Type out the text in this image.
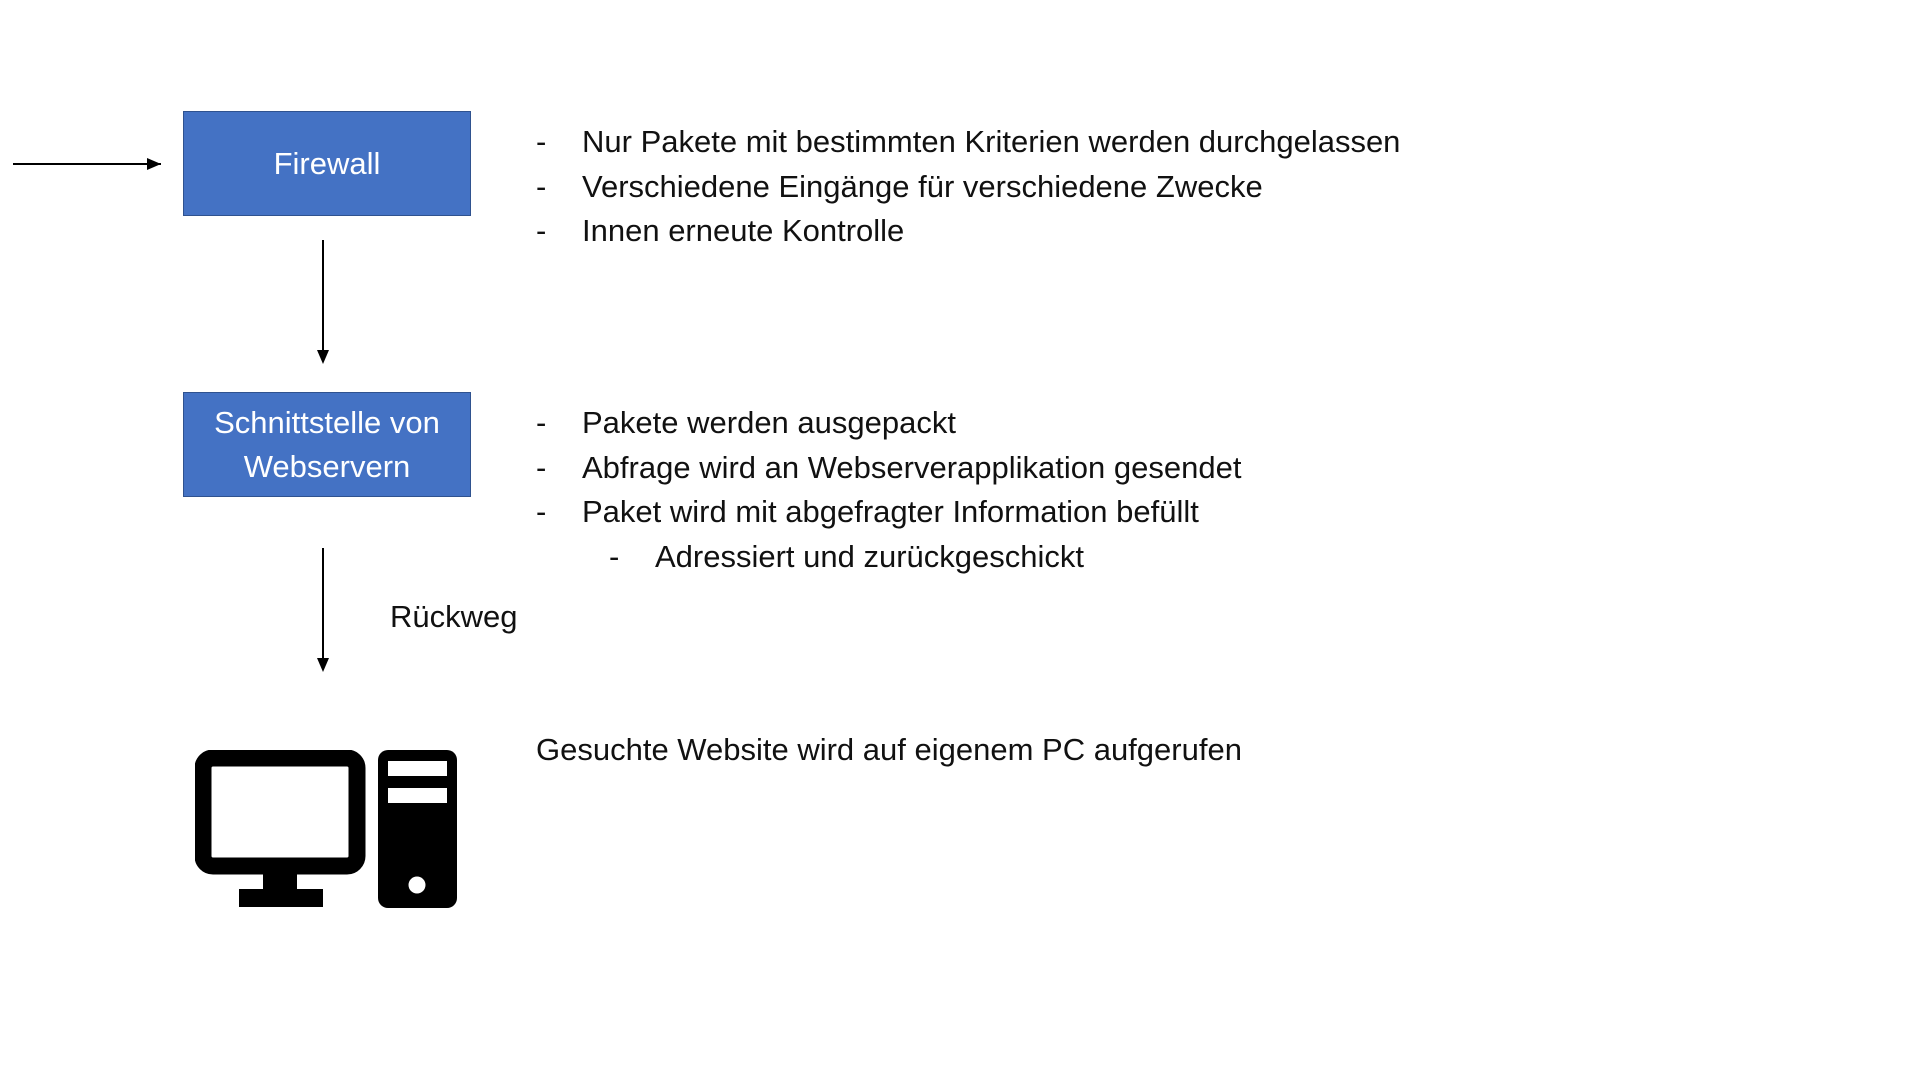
Firewall
- Nur Pakete mit bestimmten Kriterien werden durchgelassen
- Verschiedene Eingänge für verschiedene Zwecke
- Innen erneute Kontrolle
Schnittstelle von
Webservern
- Pakete werden ausgepackt
- Abfrage wird an Webserverapplikation gesendet
- Paket wird mit abgefragter Information befüllt
- Adressiert und zurückgeschickt
Rückweg
Gesuchte Website wird auf eigenem PC aufgerufen
